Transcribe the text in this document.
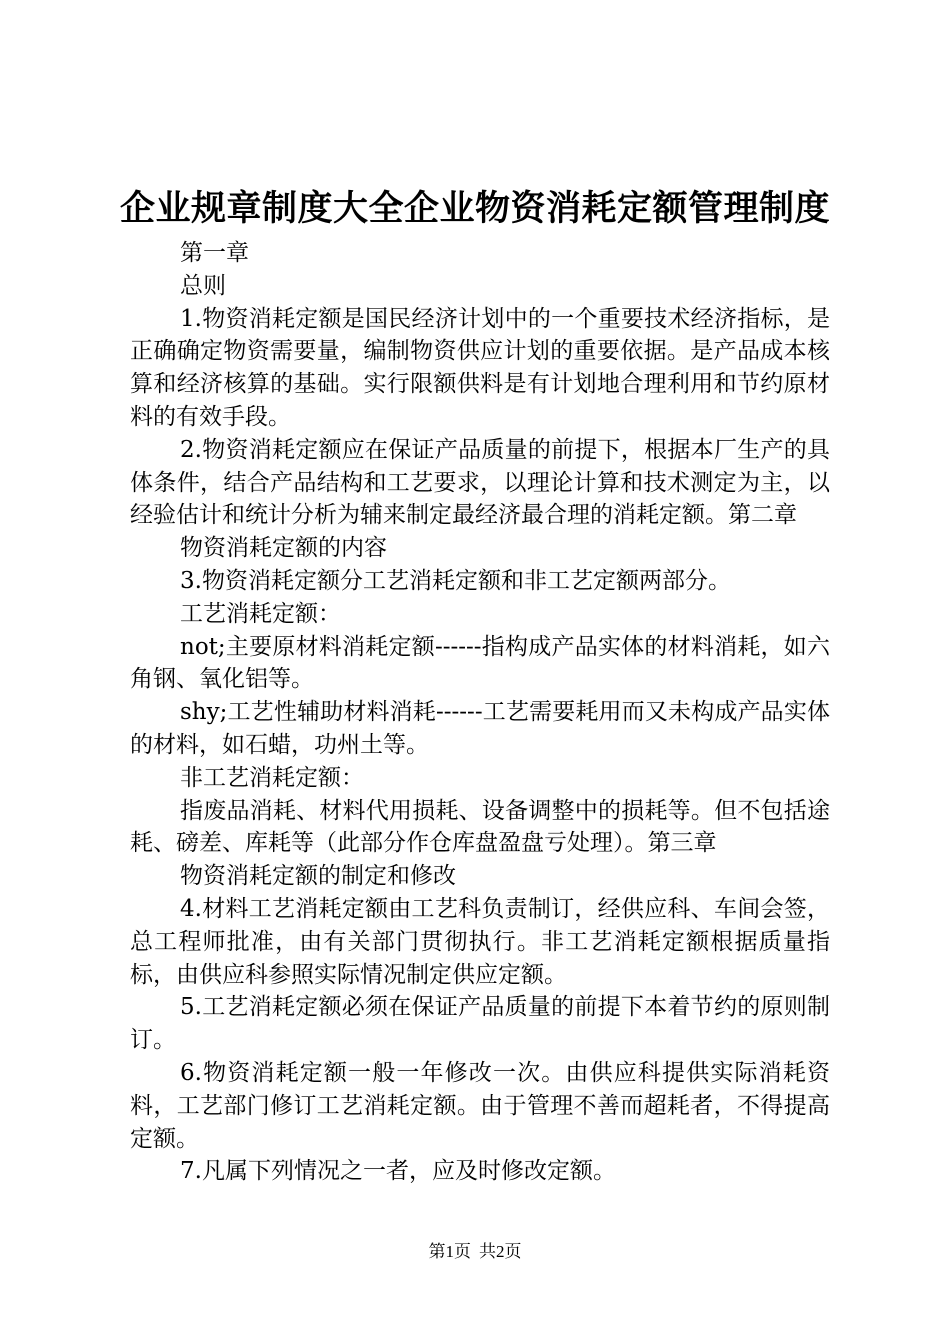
企业规章制度大全企业物资消耗定额管理制度

第一章

总则

1.物资消耗定额是国民经济计划中的一个重要技术经济指标，是正确确定物资需要量，编制物资供应计划的重要依据。是产品成本核算和经济核算的基础。实行限额供料是有计划地合理利用和节约原材料的有效手段。

2.物资消耗定额应在保证产品质量的前提下，根据本厂生产的具体条件，结合产品结构和工艺要求，以理论计算和技术测定为主，以经验估计和统计分析为辅来制定最经济最合理的消耗定额。第二章

物资消耗定额的内容

3.物资消耗定额分工艺消耗定额和非工艺定额两部分。

工艺消耗定额：

not;主要原材料消耗定额------指构成产品实体的材料消耗，如六角钢、氧化铝等。

shy;工艺性辅助材料消耗------工艺需要耗用而又未构成产品实体的材料，如石蜡，功州土等。

非工艺消耗定额：

指废品消耗、材料代用损耗、设备调整中的损耗等。但不包括途耗、磅差、库耗等（此部分作仓库盘盈盘亏处理）。第三章

物资消耗定额的制定和修改

4.材料工艺消耗定额由工艺科负责制订，经供应科、车间会签，总工程师批准，由有关部门贯彻执行。非工艺消耗定额根据质量指标，由供应科参照实际情况制定供应定额。

5.工艺消耗定额必须在保证产品质量的前提下本着节约的原则制订。

6.物资消耗定额一般一年修改一次。由供应科提供实际消耗资料，工艺部门修订工艺消耗定额。由于管理不善而超耗者，不得提高定额。

7.凡属下列情况之一者，应及时修改定额。

第1页 共2页
